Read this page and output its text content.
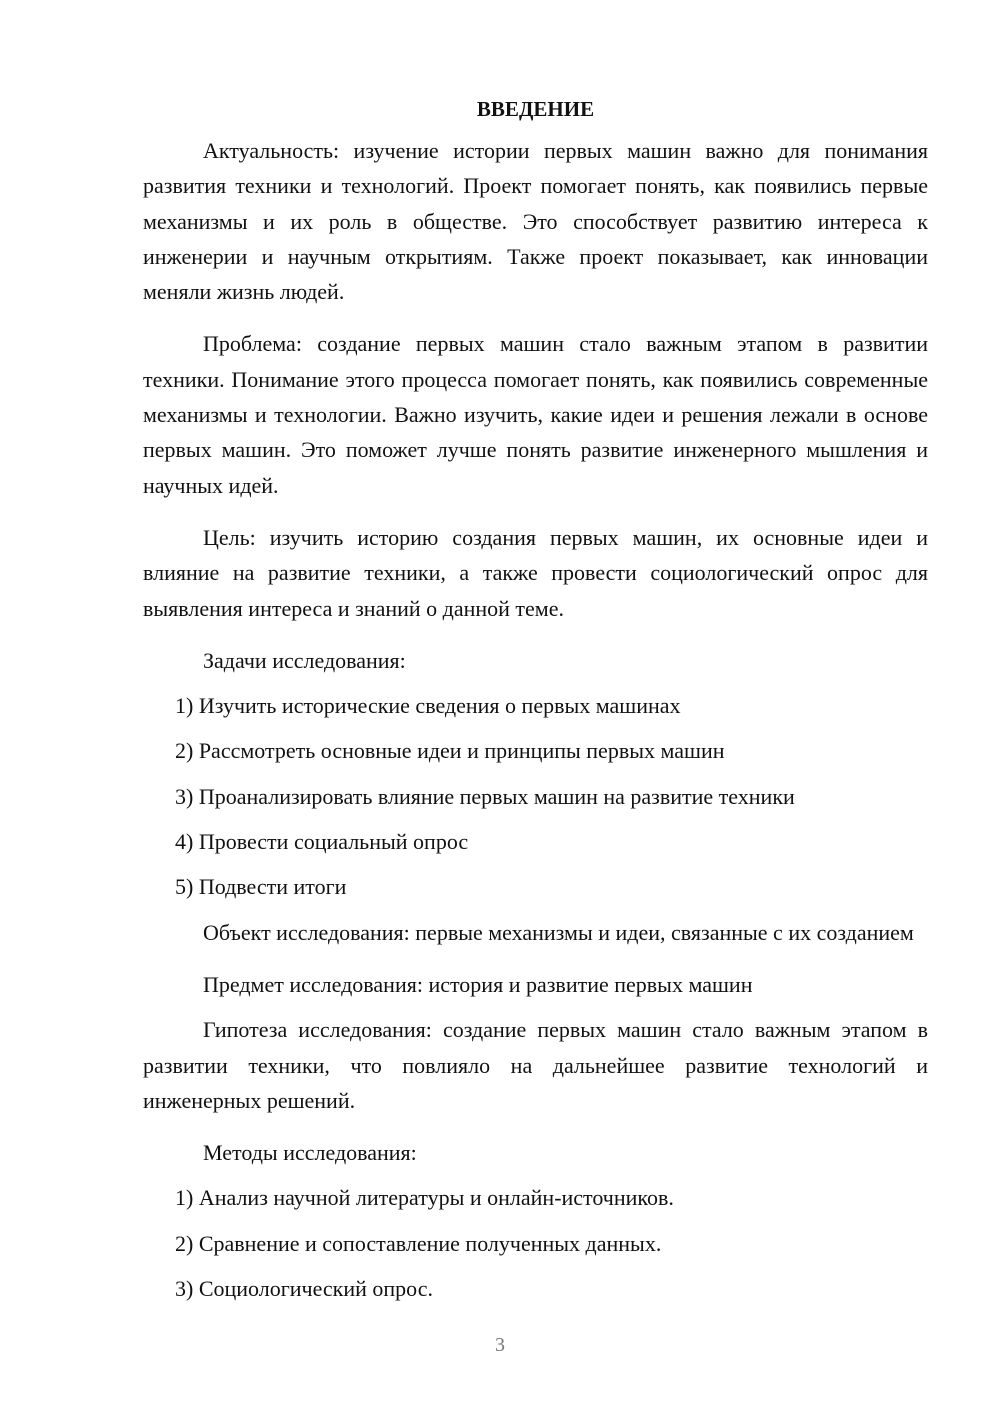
ВВЕДЕНИЕ

Актуальность: изучение истории первых машин важно для понимания развития техники и технологий. Проект помогает понять, как появились первые механизмы и их роль в обществе. Это способствует развитию интереса к инженерии и научным открытиям. Также проект показывает, как инновации меняли жизнь людей.

Проблема: создание первых машин стало важным этапом в развитии техники. Понимание этого процесса помогает понять, как появились современные механизмы и технологии. Важно изучить, какие идеи и решения лежали в основе первых машин. Это поможет лучше понять развитие инженерного мышления и научных идей.

Цель: изучить историю создания первых машин, их основные идеи и влияние на развитие техники, а также провести социологический опрос для выявления интереса и знаний о данной теме.

Задачи исследования:
1) Изучить исторические сведения о первых машинах
2) Рассмотреть основные идеи и принципы первых машин
3) Проанализировать влияние первых машин на развитие техники
4) Провести социальный опрос
5) Подвести итоги

Объект исследования: первые механизмы и идеи, связанные с их созданием

Предмет исследования: история и развитие первых машин

Гипотеза исследования: создание первых машин стало важным этапом в развитии техники, что повлияло на дальнейшее развитие технологий и инженерных решений.

Методы исследования:
1) Анализ научной литературы и онлайн-источников.
2) Сравнение и сопоставление полученных данных.
3) Социологический опрос.
3
